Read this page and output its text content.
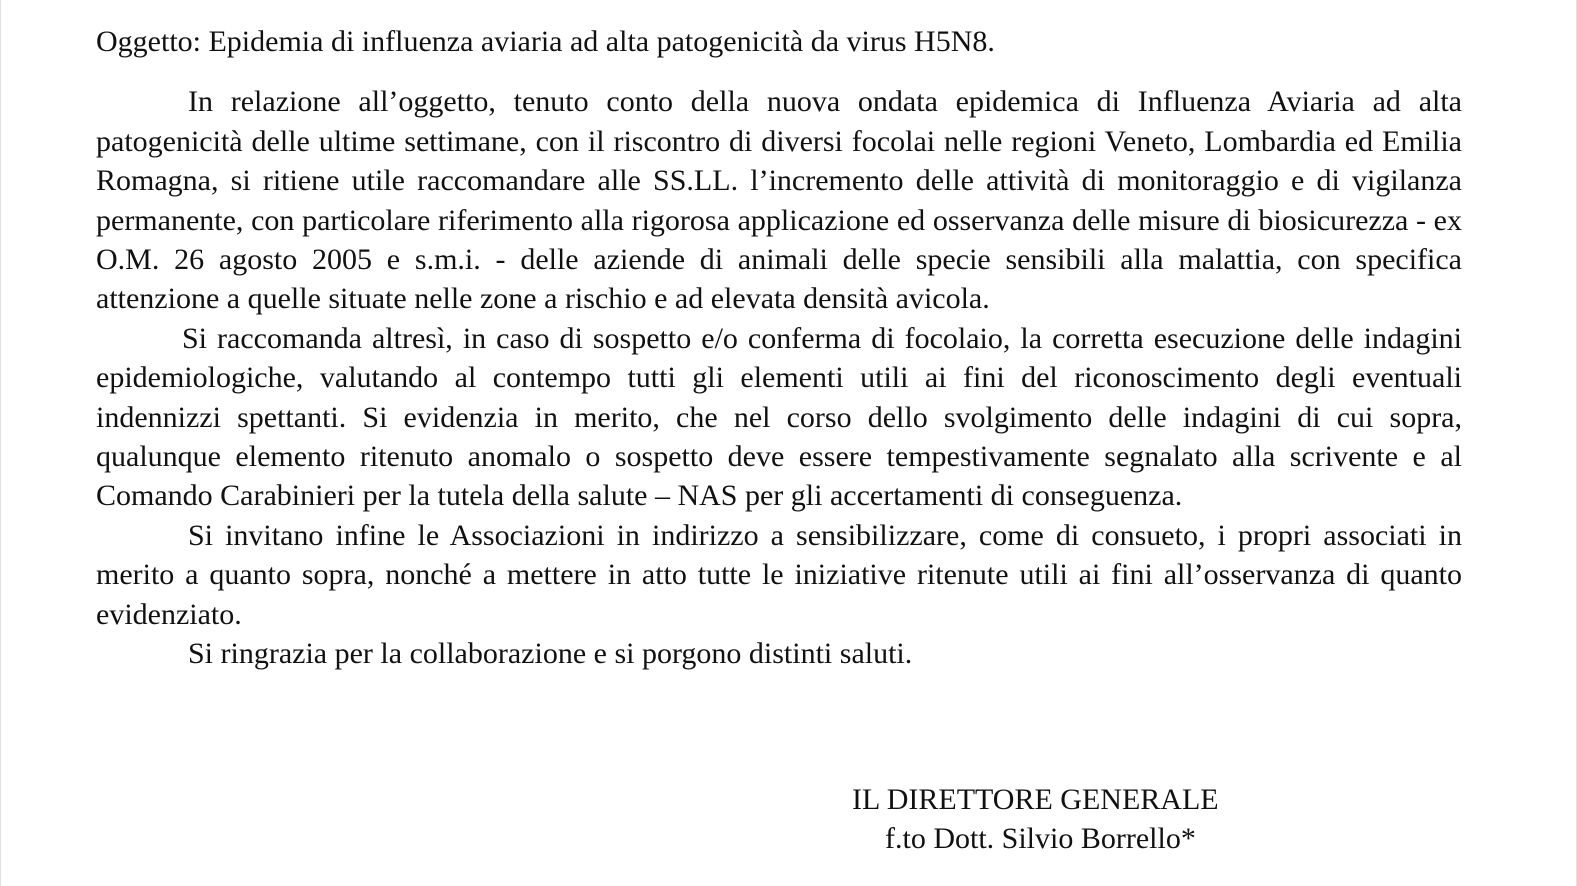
Oggetto: Epidemia di influenza aviaria ad alta patogenicità da virus H5N8.

In relazione all’oggetto, tenuto conto della nuova ondata epidemica di Influenza Aviaria ad alta patogenicità delle ultime settimane, con il riscontro di diversi focolai nelle regioni Veneto, Lombardia ed Emilia Romagna, si ritiene utile raccomandare alle SS.LL. l’incremento delle attività di monitoraggio e di vigilanza permanente, con particolare riferimento alla rigorosa applicazione ed osservanza delle misure di biosicurezza - ex O.M. 26 agosto 2005 e s.m.i. - delle aziende di animali delle specie sensibili alla malattia, con specifica attenzione a quelle situate nelle zone a rischio e ad elevata densità avicola.

Si raccomanda altresì, in caso di sospetto e/o conferma di focolaio, la corretta esecuzione delle indagini epidemiologiche, valutando al contempo tutti gli elementi utili ai fini del riconoscimento degli eventuali indennizzi spettanti. Si evidenzia in merito, che nel corso dello svolgimento delle indagini di cui sopra, qualunque elemento ritenuto anomalo o sospetto deve essere tempestivamente segnalato alla scrivente e al Comando Carabinieri per la tutela della salute – NAS per gli accertamenti di conseguenza.

Si invitano infine le Associazioni in indirizzo a sensibilizzare, come di consueto, i propri associati in merito a quanto sopra, nonché a mettere in atto tutte le iniziative ritenute utili ai fini all’osservanza di quanto evidenziato.

Si ringrazia per la collaborazione e si porgono distinti saluti.

IL DIRETTORE GENERALE
f.to Dott. Silvio Borrello*
